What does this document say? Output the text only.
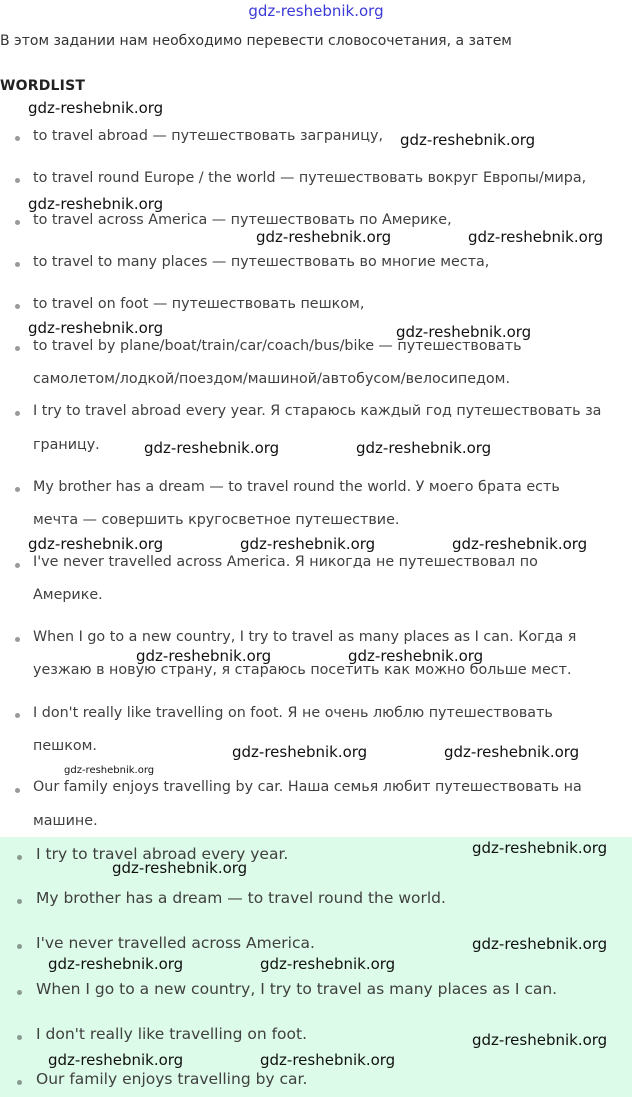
gdz-reshebnik.org

В этом задании нам необходимо перевести словосочетания, а затем

WORDLIST

to travel abroad — путешествовать заграницу,

to travel round Europe / the world — путешествовать вокруг Европы/мира,

to travel across America — путешествовать по Америке,

to travel to many places — путешествовать во многие места,

to travel on foot — путешествовать пешком,

to travel by plane/boat/train/car/coach/bus/bike — путешествовать

самолетом/лодкой/поездом/машиной/автобусом/велосипедом.

I try to travel abroad every year. Я стараюсь каждый год путешествовать за

границу.

My brother has a dream — to travel round the world. У моего брата есть

мечта — совершить кругосветное путешествие.

I've never travelled across America. Я никогда не путешествовал по

Америке.

When I go to a new country, I try to travel as many places as I can. Когда я

уезжаю в новую страну, я стараюсь посетить как можно больше мест.

I don't really like travelling on foot. Я не очень люблю путешествовать

пешком.

Our family enjoys travelling by car. Наша семья любит путешествовать на

машине.

I try to travel abroad every year.

My brother has a dream — to travel round the world.

I've never travelled across America.

When I go to a new country, I try to travel as many places as I can.

I don't really like travelling on foot.

Our family enjoys travelling by car.

gdz-reshebnik.org

gdz-reshebnik.org

gdz-reshebnik.org

gdz-reshebnik.org	gdz-reshebnik.org

gdz-reshebnik.org	gdz-reshebnik.org

gdz-reshebnik.org	gdz-reshebnik.org

gdz-reshebnik.org	gdz-reshebnik.org	gdz-reshebnik.org

gdz-reshebnik.org	gdz-reshebnik.org

gdz-reshebnik.org	gdz-reshebnik.org

gdz-reshebnik.org

gdz-reshebnik.org

gdz-reshebnik.org

gdz-reshebnik.org

gdz-reshebnik.org	gdz-reshebnik.org

gdz-reshebnik.org

gdz-reshebnik.org	gdz-reshebnik.org
